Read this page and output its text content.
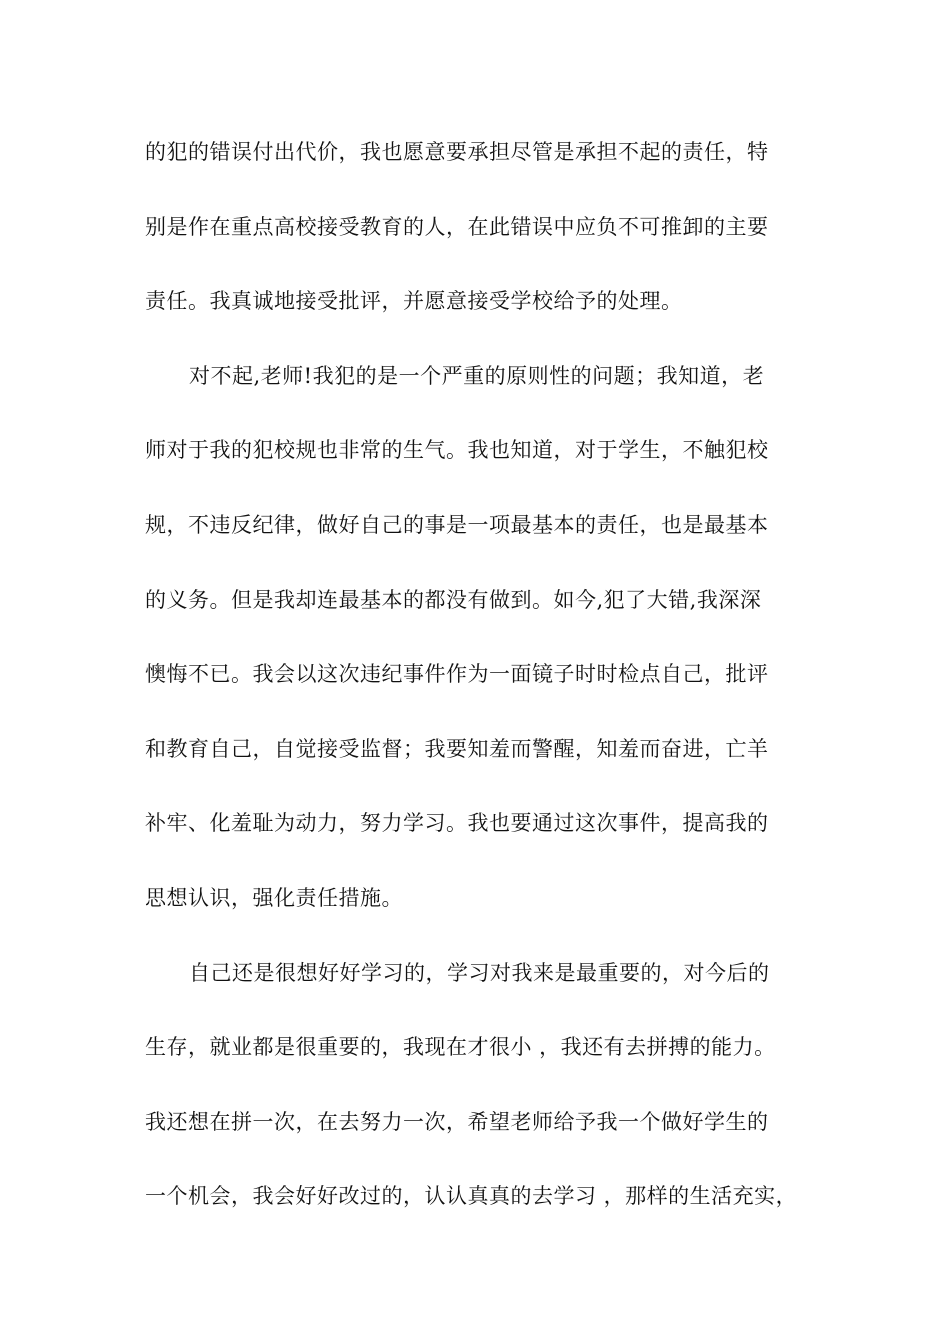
的犯的错误付出代价，我也愿意要承担尽管是承担不起的责任，特
别是作在重点高校接受教育的人，在此错误中应负不可推卸的主要
责任。我真诚地接受批评，并愿意接受学校给予的处理。
对不起,老师!我犯的是一个严重的原则性的问题；我知道，老
师对于我的犯校规也非常的生气。我也知道，对于学生，不触犯校
规，不违反纪律，做好自己的事是一项最基本的责任，也是最基本
的义务。但是我却连最基本的都没有做到。如今,犯了大错,我深深
懊悔不已。我会以这次违纪事件作为一面镜子时时检点自己，批评
和教育自己，自觉接受监督；我要知羞而警醒，知羞而奋进，亡羊
补牢、化羞耻为动力，努力学习。我也要通过这次事件，提高我的
思想认识，强化责任措施。
自己还是很想好好学习的，学习对我来是最重要的，对今后的
生存，就业都是很重要的，我现在才很小 ，我还有去拼搏的能力。
我还想在拼一次，在去努力一次，希望老师给予我一个做好学生的
一个机会，我会好好改过的，认认真真的去学习 ，那样的生活充实，
